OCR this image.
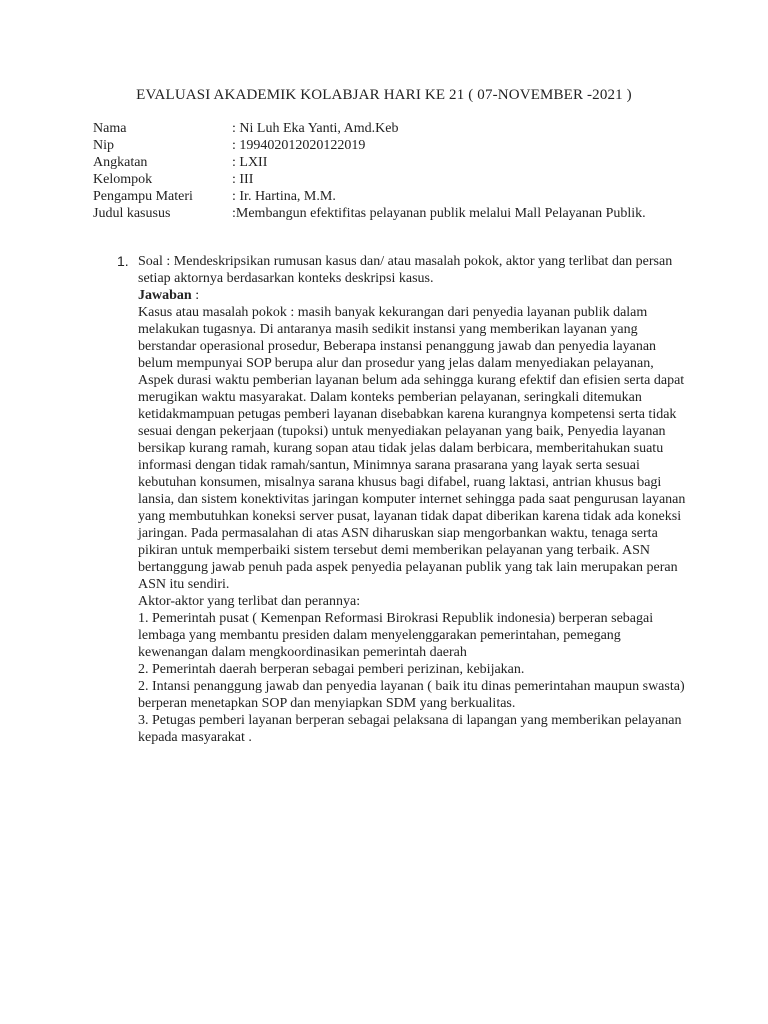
EVALUASI AKADEMIK KOLABJAR HARI KE 21 ( 07-NOVEMBER -2021 )
Nama	: Ni Luh Eka Yanti, Amd.Keb
Nip	: 199402012020122019
Angkatan	: LXII
Kelompok	: III
Pengampu Materi	: Ir. Hartina, M.M.
Judul kasusus	:Membangun efektifitas pelayanan publik melalui Mall Pelayanan Publik.
1. Soal : Mendeskripsikan rumusan kasus dan/ atau masalah pokok, aktor yang terlibat dan persan setiap aktornya berdasarkan konteks deskripsi kasus.

Jawaban :

Kasus atau masalah pokok : masih banyak kekurangan dari penyedia layanan publik dalam melakukan tugasnya. Di antaranya masih sedikit instansi yang memberikan layanan yang berstandar operasional prosedur, Beberapa instansi penanggung jawab dan penyedia layanan belum mempunyai SOP berupa alur dan prosedur yang jelas dalam menyediakan pelayanan, Aspek durasi waktu pemberian layanan belum ada sehingga kurang efektif dan efisien serta dapat merugikan waktu masyarakat. Dalam konteks pemberian pelayanan, seringkali ditemukan ketidakmampuan petugas pemberi layanan disebabkan karena kurangnya kompetensi serta tidak sesuai dengan pekerjaan (tupoksi) untuk menyediakan pelayanan yang baik, Penyedia layanan bersikap kurang ramah, kurang sopan atau tidak jelas dalam berbicara, memberitahukan suatu informasi dengan tidak ramah/santun, Minimnya sarana prasarana yang layak serta sesuai kebutuhan konsumen, misalnya sarana khusus bagi difabel, ruang laktasi, antrian khusus bagi lansia, dan sistem konektivitas jaringan komputer internet sehingga pada saat pengurusan layanan yang membutuhkan koneksi server pusat, layanan tidak dapat diberikan karena tidak ada koneksi jaringan. Pada permasalahan di atas ASN diharuskan siap mengorbankan waktu, tenaga serta pikiran untuk memperbaiki sistem tersebut demi memberikan pelayanan yang terbaik. ASN bertanggung jawab penuh pada aspek penyedia pelayanan publik yang tak lain merupakan peran ASN itu sendiri.

Aktor-aktor yang terlibat dan perannya:

1. Pemerintah pusat ( Kemenpan Reformasi Birokrasi Republik indonesia) berperan sebagai lembaga yang membantu presiden dalam menyelenggarakan pemerintahan, pemegang kewenangan dalam mengkoordinasikan pemerintah daerah

2. Pemerintah daerah berperan sebagai pemberi perizinan, kebijakan.

2. Intansi penanggung jawab dan penyedia layanan ( baik itu dinas pemerintahan maupun swasta) berperan menetapkan SOP dan menyiapkan SDM yang berkualitas.

3. Petugas pemberi layanan berperan sebagai pelaksana di lapangan yang memberikan pelayanan kepada masyarakat .
